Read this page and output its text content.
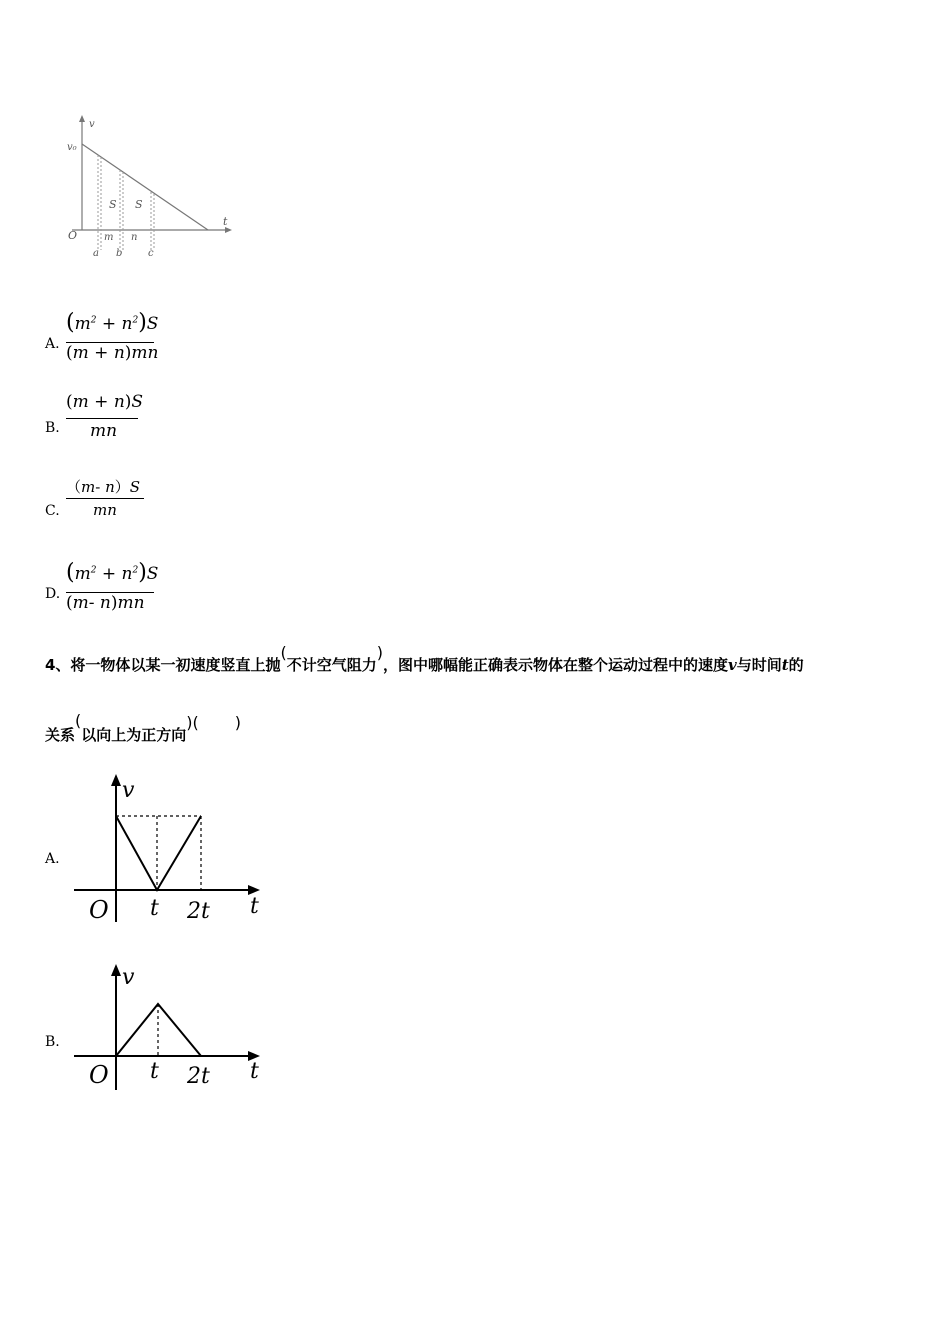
v
v₀
t
O
S S
m n
a b	c
A.
$(m^2 + n^2)S$
(m + n)mn
B.
(m + n)S
mn
C.
（m- n）S
mn
D.
$(m^2 + n^2)S$
(m- n)mn
4、将一物体以某一初速度竖直上抛(不计空气阻力)，图中哪幅能正确表示物体在整个运动过程中的速度v与时间t的
关系(以向上为正方向)( )
A.
v
O t 2t t
B.
v
O t 2t t
